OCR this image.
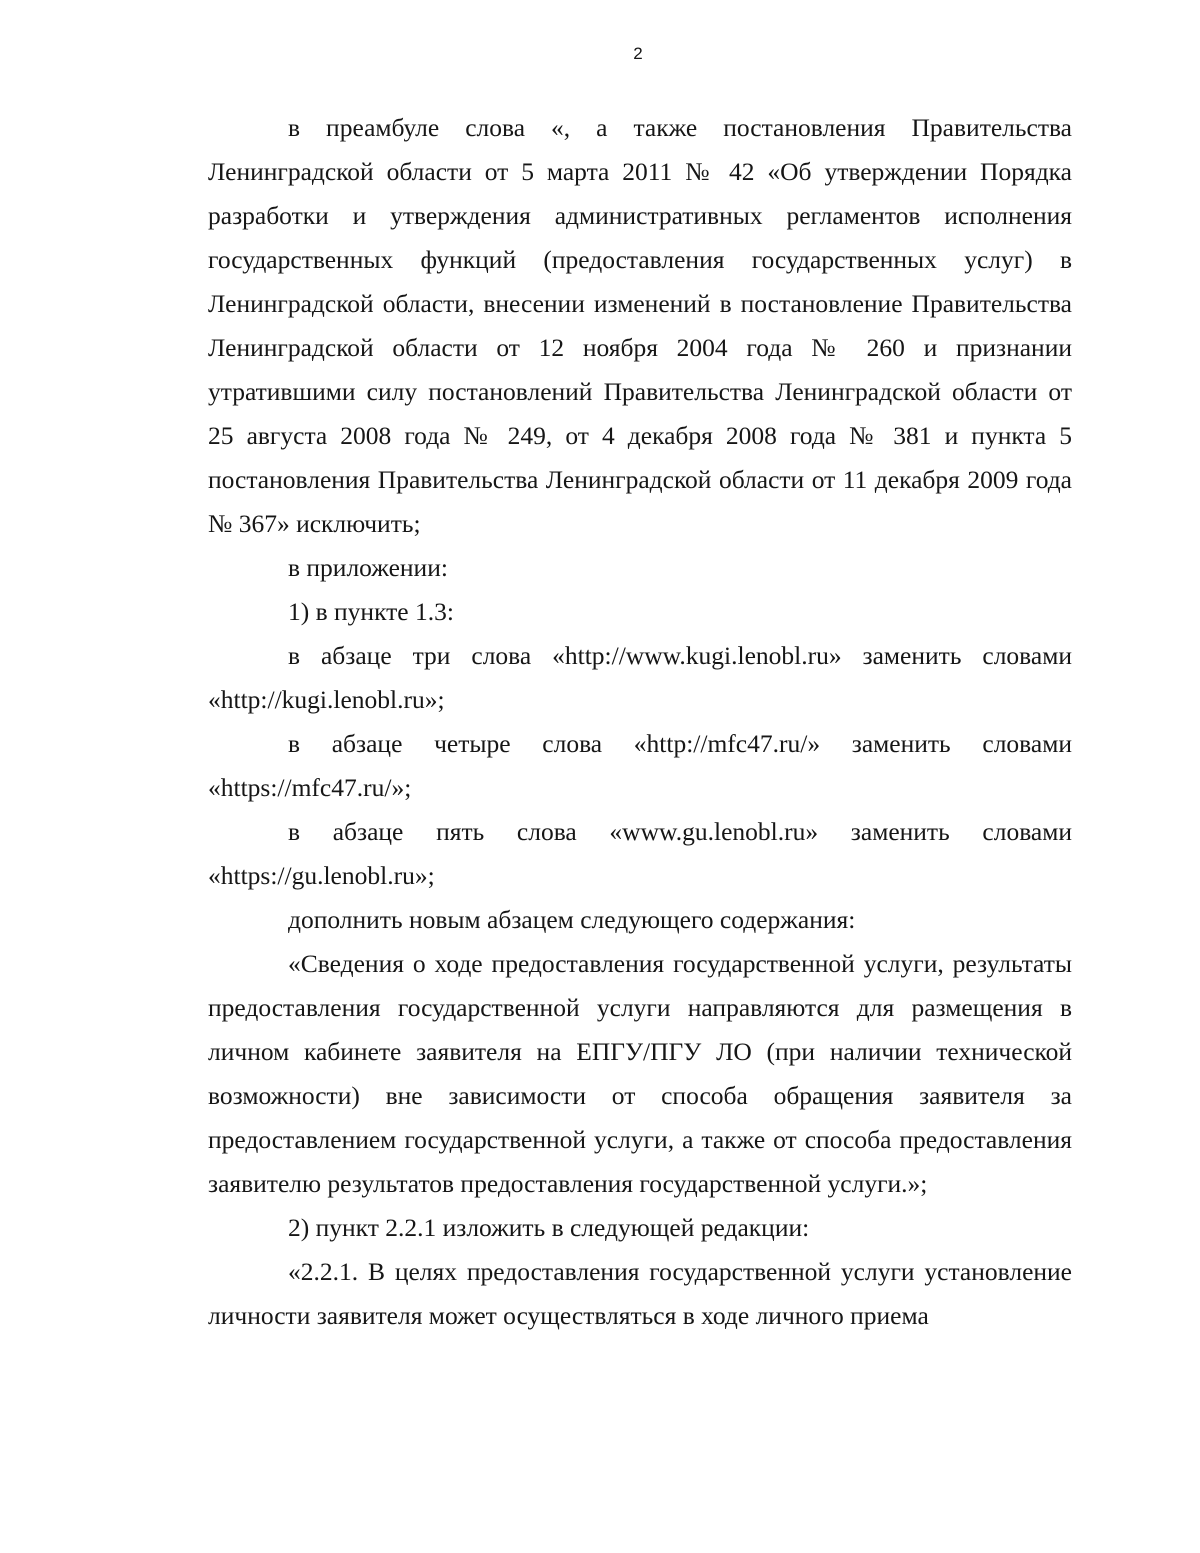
2

в преамбуле слова «, а также постановления Правительства Ленинградской области от 5 марта 2011 № 42 «Об утверждении Порядка разработки и утверждения административных регламентов исполнения государственных функций (предоставления государственных услуг) в Ленинградской области, внесении изменений в постановление Правительства Ленинградской области от 12 ноября 2004 года № 260 и признании утратившими силу постановлений Правительства Ленинградской области от 25 августа 2008 года № 249, от 4 декабря 2008 года № 381 и пункта 5 постановления Правительства Ленинградской области от 11 декабря 2009 года № 367» исключить;

в приложении:

1) в пункте 1.3:

в абзаце три слова «http://www.kugi.lenobl.ru» заменить словами «http://kugi.lenobl.ru»;

в абзаце четыре слова «http://mfc47.ru/» заменить словами «https://mfc47.ru/»;

в абзаце пять слова «www.gu.lenobl.ru» заменить словами «https://gu.lenobl.ru»;

дополнить новым абзацем следующего содержания:

«Сведения о ходе предоставления государственной услуги, результаты предоставления государственной услуги направляются для размещения в личном кабинете заявителя на ЕПГУ/ПГУ ЛО (при наличии технической возможности) вне зависимости от способа обращения заявителя за предоставлением государственной услуги, а также от способа предоставления заявителю результатов предоставления государственной услуги.»;

2) пункт 2.2.1 изложить в следующей редакции:

«2.2.1. В целях предоставления государственной услуги установление личности заявителя может осуществляться в ходе личного приема
